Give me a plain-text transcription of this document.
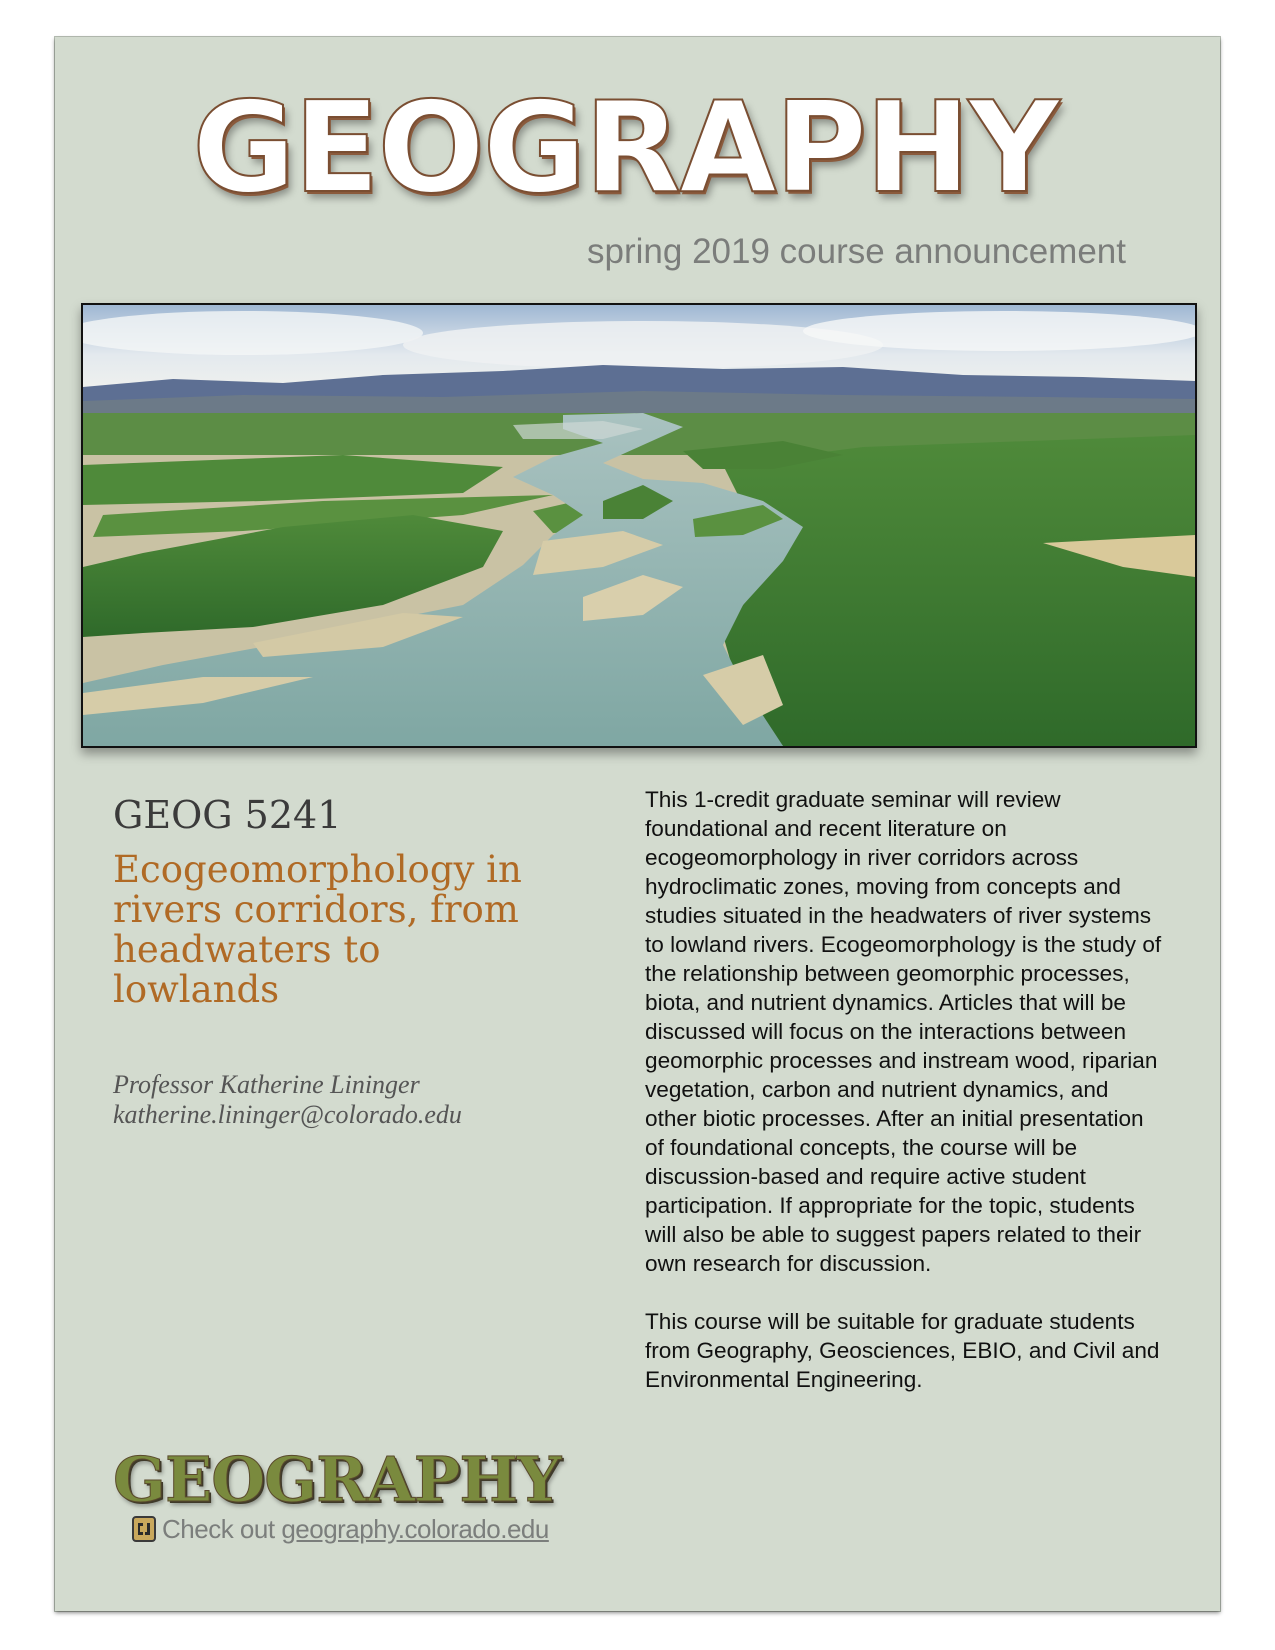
GEOGRAPHY
spring 2019 course announcement
GEOG 5241
Ecogeomorphology in rivers corridors, from headwaters to lowlands
Professor Katherine Lininger
katherine.lininger@colorado.edu

This 1-credit graduate seminar will review foundational and recent literature on ecogeomorphology in river corridors across hydroclimatic zones, moving from concepts and studies situated in the headwaters of river systems to lowland rivers. Ecogeomorphology is the study of the relationship between geomorphic processes, biota, and nutrient dynamics. Articles that will be discussed will focus on the interactions between geomorphic processes and instream wood, riparian vegetation, carbon and nutrient dynamics, and other biotic processes. After an initial presentation of foundational concepts, the course will be discussion-based and require active student participation. If appropriate for the topic, students will also be able to suggest papers related to their own research for discussion.

This course will be suitable for graduate students from Geography, Geosciences, EBIO, and Civil and Environmental Engineering.

GEOGRAPHY
Check out
geography.colorado.edu
